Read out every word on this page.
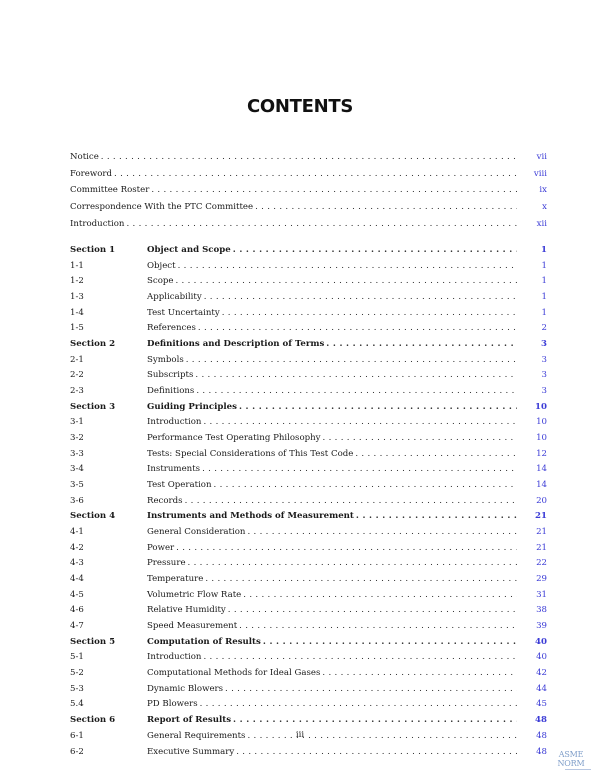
CONTENTS
Notice . . .	vii
Foreword . . .	viii
Committee Roster . . .	ix
Correspondence With the PTC Committee . . .	x
Introduction . . .	xii
Section 1	Object and Scope . . .	1
1-1	Object . . .	1
1-2	Scope . . .	1
1-3	Applicability . . .	1
1-4	Test Uncertainty . . .	1
1-5	References . . .	2
Section 2	Definitions and Description of Terms . . .	3
2-1	Symbols . . .	3
2-2	Subscripts . . .	3
2-3	Definitions . . .	3
Section 3	Guiding Principles . . .	10
3-1	Introduction . . .	10
3-2	Performance Test Operating Philosophy . . .	10
3-3	Tests: Special Considerations of This Test Code . . .	12
3-4	Instruments . . .	14
3-5	Test Operation . . .	14
3-6	Records . . .	20
Section 4	Instruments and Methods of Measurement . . .	21
4-1	General Consideration . . .	21
4-2	Power . . .	21
4-3	Pressure . . .	22
4-4	Temperature . . .	29
4-5	Volumetric Flow Rate . . .	31
4-6	Relative Humidity . . .	38
4-7	Speed Measurement . . .	39
Section 5	Computation of Results . . .	40
5-1	Introduction . . .	40
5-2	Computational Methods for Ideal Gases . . .	42
5-3	Dynamic Blowers . . .	44
5.4	PD Blowers . . .	45
Section 6	Report of Results . . .	48
6-1	General Requirements . . .	48
6-2	Executive Summary . . .	48
iii
ASME NORM
